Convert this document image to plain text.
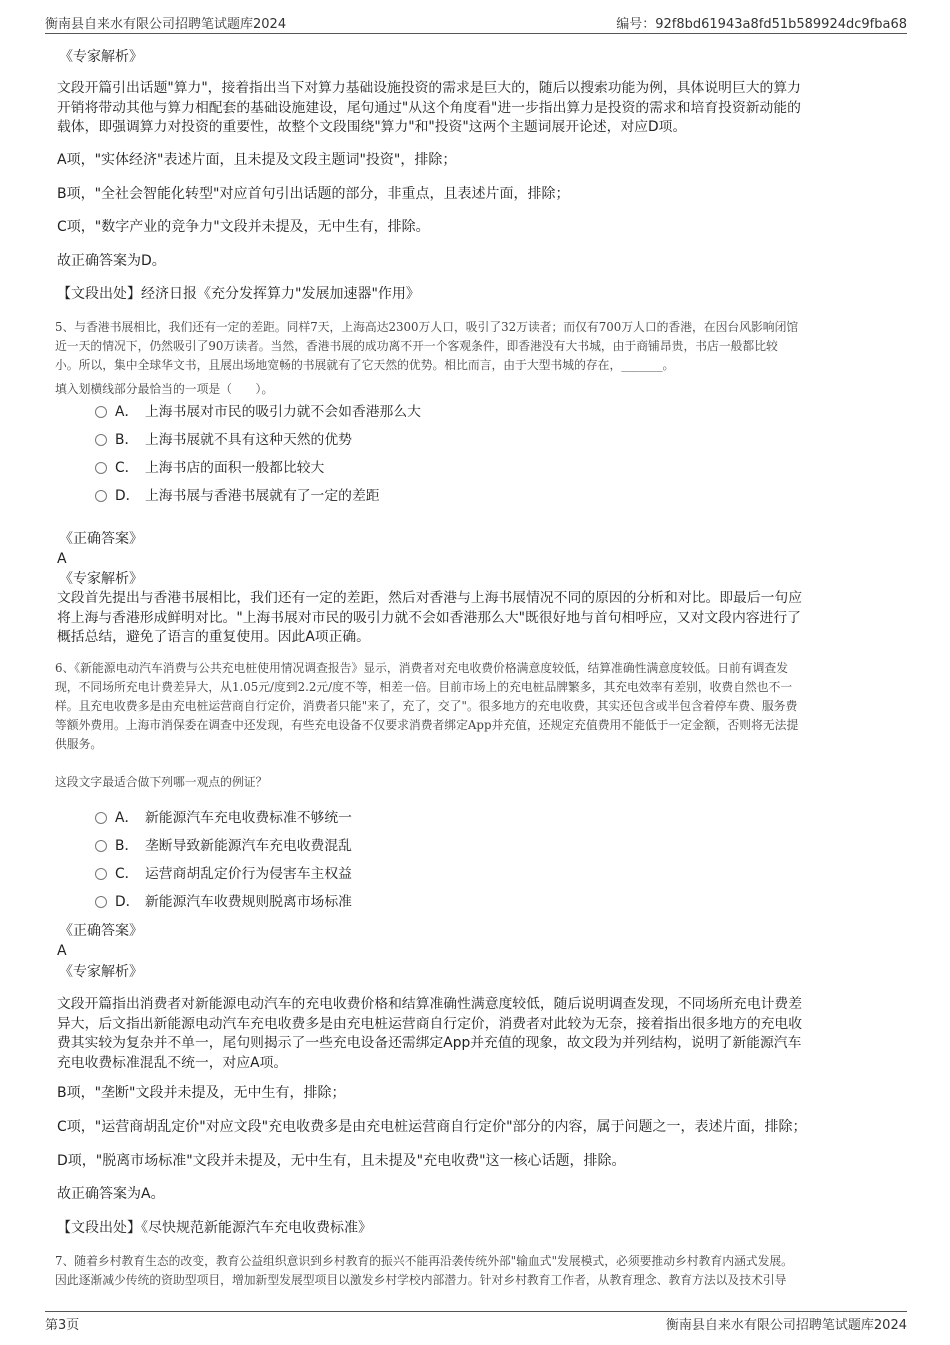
衡南县自来水有限公司招聘笔试题库2024	编号：92f8bd61943a8fd51b589924dc9fba68
《专家解析》
文段开篇引出话题"算力"，接着指出当下对算力基础设施投资的需求是巨大的，随后以搜索功能为例，具体说明巨大的算力
开销将带动其他与算力相配套的基础设施建设，尾句通过"从这个角度看"进一步指出算力是投资的需求和培育投资新动能的
载体，即强调算力对投资的重要性，故整个文段围绕"算力"和"投资"这两个主题词展开论述，对应D项。
A项，"实体经济"表述片面，且未提及文段主题词"投资"，排除；
B项，"全社会智能化转型"对应首句引出话题的部分，非重点，且表述片面，排除；
C项，"数字产业的竞争力"文段并未提及，无中生有，排除。
故正确答案为D。
【文段出处】经济日报《充分发挥算力"发展加速器"作用》
5、与香港书展相比，我们还有一定的差距。同样7天，上海高达2300万人口，吸引了32万读者；而仅有700万人口的香港，在因台风影响闭馆
近一天的情况下，仍然吸引了90万读者。当然，香港书展的成功离不开一个客观条件，即香港没有大书城，由于商铺昂贵，书店一般都比较
小。所以，集中全球华文书，且展出场地宽畅的书展就有了它天然的优势。相比而言，由于大型书城的存在，_______。
填入划横线部分最恰当的一项是（　　）。
A． 上海书展对市民的吸引力就不会如香港那么大
B． 上海书展就不具有这种天然的优势
C． 上海书店的面积一般都比较大
D． 上海书展与香港书展就有了一定的差距
《正确答案》
A
《专家解析》
文段首先提出与香港书展相比，我们还有一定的差距，然后对香港与上海书展情况不同的原因的分析和对比。即最后一句应
将上海与香港形成鲜明对比。"上海书展对市民的吸引力就不会如香港那么大"既很好地与首句相呼应，又对文段内容进行了
概括总结，避免了语言的重复使用。因此A项正确。
6、《新能源电动汽车消费与公共充电桩使用情况调查报告》显示，消费者对充电收费价格满意度较低，结算准确性满意度较低。日前有调查发
现，不同场所充电计费差异大，从1.05元/度到2.2元/度不等，相差一倍。目前市场上的充电桩品牌繁多，其充电效率有差别，收费自然也不一
样。且充电收费多是由充电桩运营商自行定价，消费者只能"来了，充了，交了"。很多地方的充电收费，其实还包含或半包含着停车费、服务费
等额外费用。上海市消保委在调查中还发现，有些充电设备不仅要求消费者绑定App并充值，还规定充值费用不能低于一定金额，否则将无法提
供服务。
这段文字最适合做下列哪一观点的例证？
A． 新能源汽车充电收费标准不够统一
B． 垄断导致新能源汽车充电收费混乱
C． 运营商胡乱定价行为侵害车主权益
D． 新能源汽车收费规则脱离市场标准
《正确答案》
A
《专家解析》
文段开篇指出消费者对新能源电动汽车的充电收费价格和结算准确性满意度较低，随后说明调查发现，不同场所充电计费差
异大，后文指出新能源电动汽车充电收费多是由充电桩运营商自行定价，消费者对此较为无奈，接着指出很多地方的充电收
费其实较为复杂并不单一，尾句则揭示了一些充电设备还需绑定App并充值的现象，故文段为并列结构，说明了新能源汽车
充电收费标准混乱不统一，对应A项。
B项，"垄断"文段并未提及，无中生有，排除；
C项，"运营商胡乱定价"对应文段"充电收费多是由充电桩运营商自行定价"部分的内容，属于问题之一，表述片面，排除；
D项，"脱离市场标准"文段并未提及，无中生有，且未提及"充电收费"这一核心话题，排除。
故正确答案为A。
【文段出处】《尽快规范新能源汽车充电收费标准》
7、随着乡村教育生态的改变，教育公益组织意识到乡村教育的振兴不能再沿袭传统外部"输血式"发展模式，必须要推动乡村教育内涵式发展。
因此逐渐减少传统的资助型项目，增加新型发展型项目以激发乡村学校内部潜力。针对乡村教育工作者，从教育理念、教育方法以及技术引导
第3页	衡南县自来水有限公司招聘笔试题库2024
